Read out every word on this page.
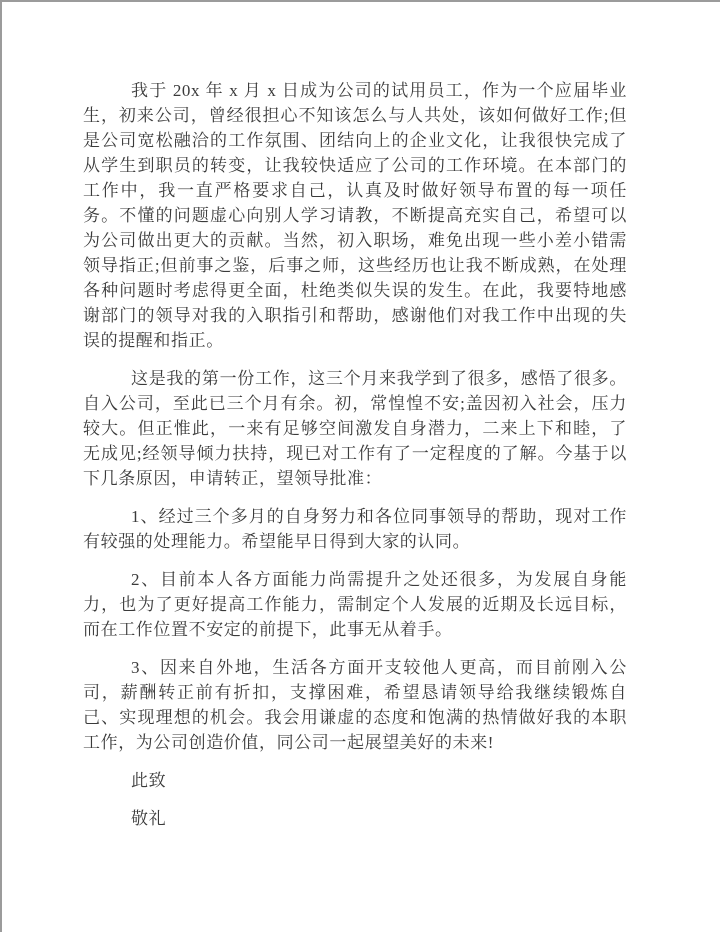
我于 20x 年 x 月 x 日成为公司的试用员工，作为一个应届毕业生，初来公司，曾经很担心不知该怎么与人共处，该如何做好工作;但是公司宽松融洽的工作氛围、团结向上的企业文化，让我很快完成了从学生到职员的转变，让我较快适应了公司的工作环境。在本部门的工作中，我一直严格要求自己，认真及时做好领导布置的每一项任务。不懂的问题虚心向别人学习请教，不断提高充实自己，希望可以为公司做出更大的贡献。当然，初入职场，难免出现一些小差小错需领导指正;但前事之鉴，后事之师，这些经历也让我不断成熟，在处理各种问题时考虑得更全面，杜绝类似失误的发生。在此，我要特地感谢部门的领导对我的入职指引和帮助，感谢他们对我工作中出现的失误的提醒和指正。

这是我的第一份工作，这三个月来我学到了很多，感悟了很多。自入公司，至此已三个月有余。初，常惶惶不安;盖因初入社会，压力较大。但正惟此，一来有足够空间激发自身潜力，二来上下和睦，了无成见;经领导倾力扶持，现已对工作有了一定程度的了解。今基于以下几条原因，申请转正，望领导批准：

1、经过三个多月的自身努力和各位同事领导的帮助，现对工作有较强的处理能力。希望能早日得到大家的认同。

2、目前本人各方面能力尚需提升之处还很多，为发展自身能力，也为了更好提高工作能力，需制定个人发展的近期及长远目标，而在工作位置不安定的前提下，此事无从着手。

3、因来自外地，生活各方面开支较他人更高，而目前刚入公司，薪酬转正前有折扣，支撑困难，希望恳请领导给我继续锻炼自己、实现理想的机会。我会用谦虚的态度和饱满的热情做好我的本职工作，为公司创造价值，同公司一起展望美好的未来!

此致

敬礼
